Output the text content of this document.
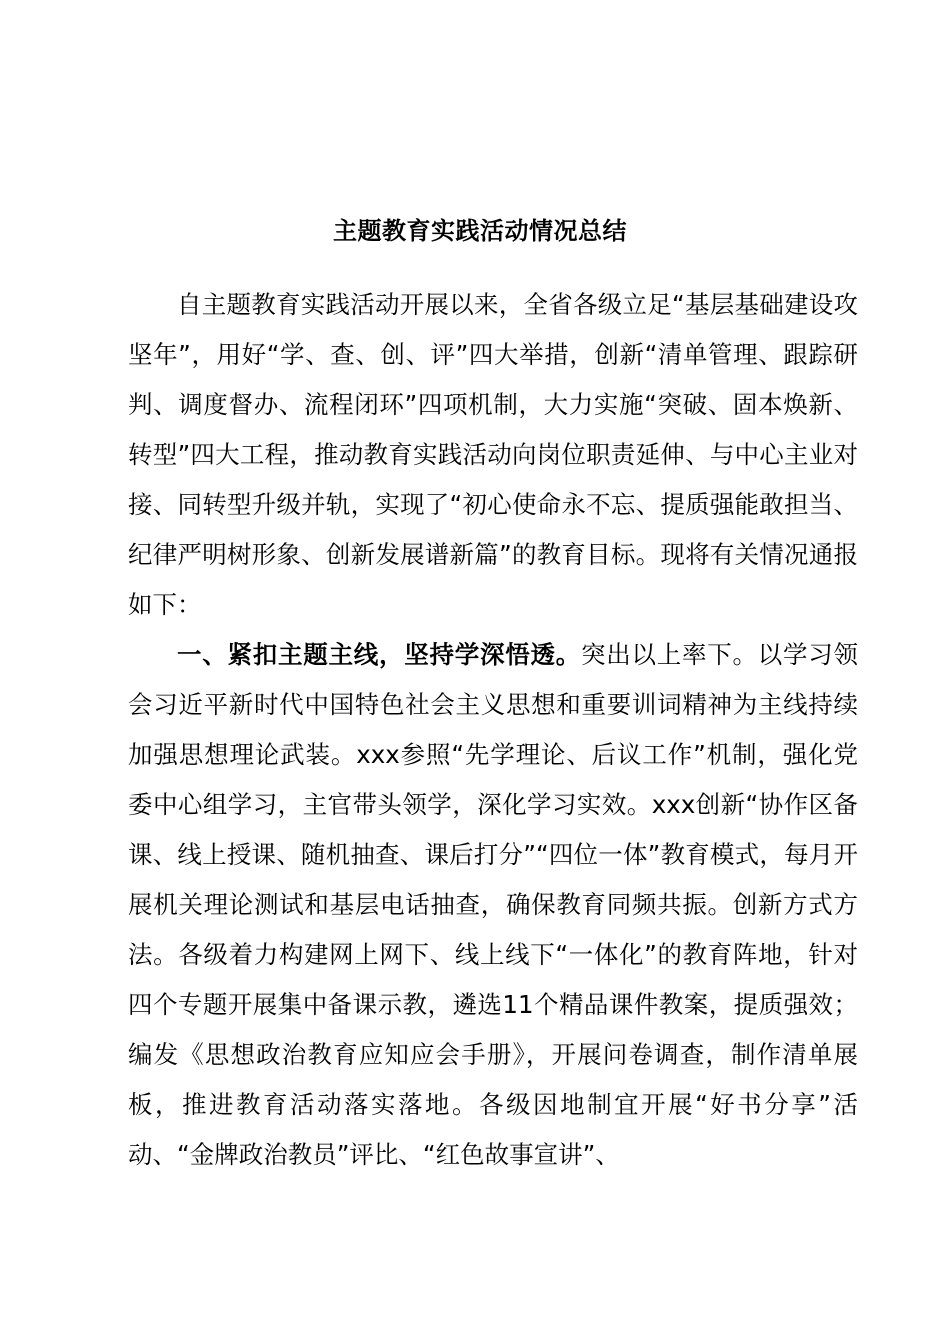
主题教育实践活动情况总结

自主题教育实践活动开展以来，全省各级立足“基层基础建设攻坚年”，用好“学、查、创、评”四大举措，创新“清单管理、跟踪研判、调度督办、流程闭环”四项机制，大力实施“突破、固本焕新、转型”四大工程，推动教育实践活动向岗位职责延伸、与中心主业对接、同转型升级并轨，实现了“初心使命永不忘、提质强能敢担当、纪律严明树形象、创新发展谱新篇”的教育目标。现将有关情况通报如下：

一、紧扣主题主线，坚持学深悟透。突出以上率下。以学习领会习近平新时代中国特色社会主义思想和重要训词精神为主线持续加强思想理论武装。xxx参照“先学理论、后议工作”机制，强化党委中心组学习，主官带头领学，深化学习实效。xxx创新“协作区备课、线上授课、随机抽查、课后打分”“四位一体”教育模式，每月开展机关理论测试和基层电话抽查，确保教育同频共振。创新方式方法。各级着力构建网上网下、线上线下“一体化”的教育阵地，针对四个专题开展集中备课示教，遴选11个精品课件教案，提质强效；编发《思想政治教育应知应会手册》，开展问卷调查，制作清单展板，推进教育活动落实落地。各级因地制宜开展“好书分享”活动、“金牌政治教员”评比、“红色故事宣讲”、
